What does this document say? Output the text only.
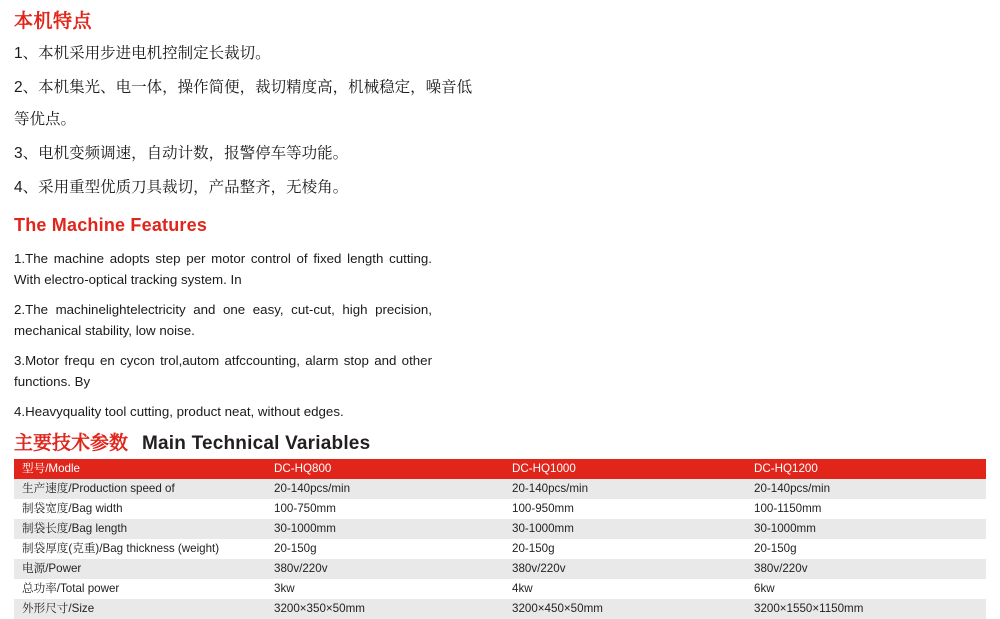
本机特点
1、本机采用步进电机控制定长裁切。
2、本机集光、电一体，操作简便，裁切精度高，机械稳定，噪音低等优点。
3、电机变频调速，自动计数，报警停车等功能。
4、采用重型优质刀具裁切，产品整齐，无棱角。
The Machine Features
1.The machine adopts step per motor control of fixed length cutting. With electro-optical tracking system. In
2.The machinelightelectricity and one easy, cut-cut, high precision, mechanical stability, low noise.
3.Motor frequ en cycon trol,autom atfccounting, alarm stop and other functions. By
4.Heavyquality tool cutting, product neat, without edges.
主要技术参数 Main Technical Variables
型号/Modle	DC-HQ800	DC-HQ1000	DC-HQ1200
生产速度/Production speed of	20-140pcs/min	20-140pcs/min	20-140pcs/min
制袋宽度/Bag width	100-750mm	100-950mm	100-1150mm
制袋长度/Bag length	30-1000mm	30-1000mm	30-1000mm
制袋厚度(克重)/Bag thickness (weight)	20-150g	20-150g	20-150g
电源/Power	380v/220v	380v/220v	380v/220v
总功率/Total power	3kw	4kw	6kw
外形尺寸/Size	3200×350×50mm	3200×450×50mm	3200×1550×1150mm
